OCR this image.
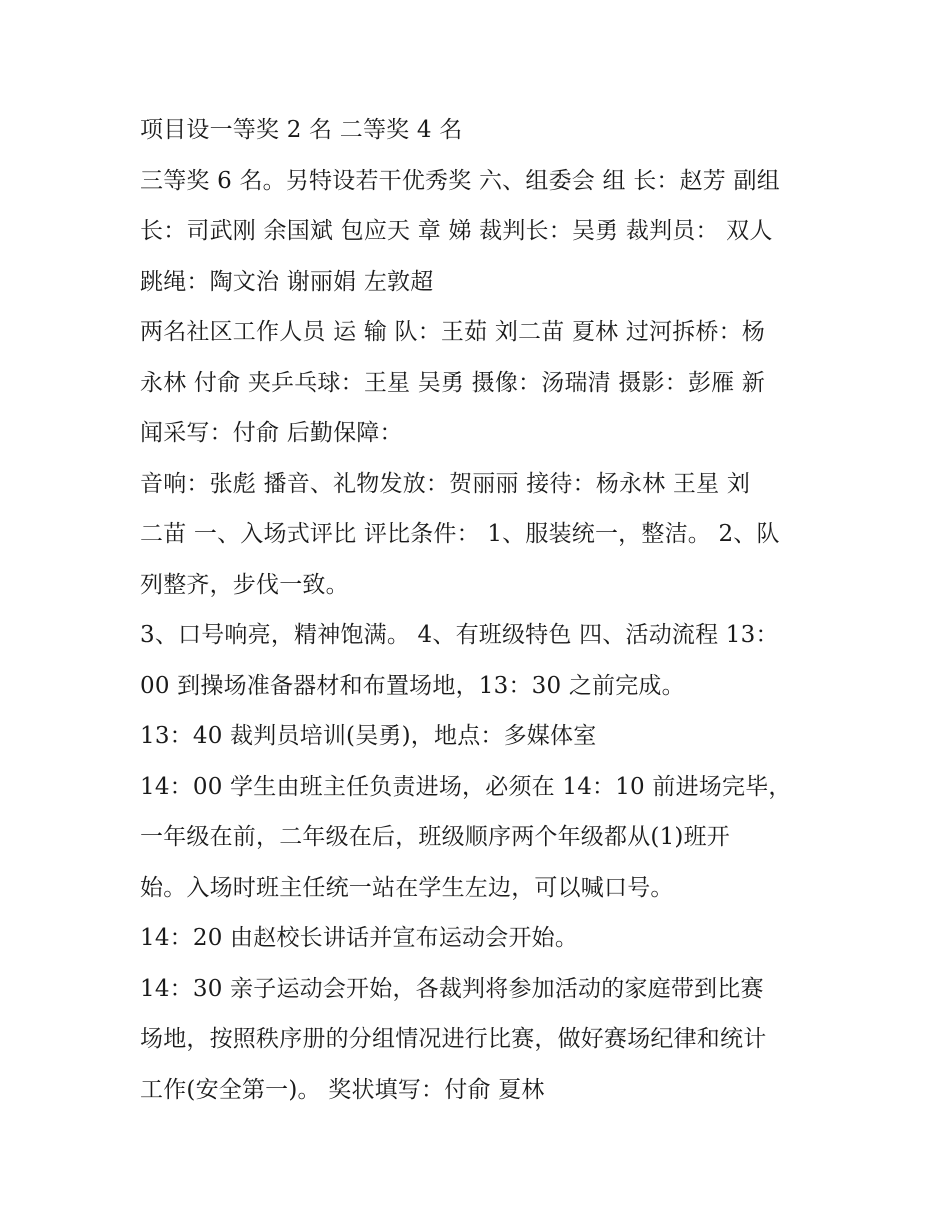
项目设一等奖 2 名 二等奖 4 名
三等奖 6 名。另特设若干优秀奖 六、组委会 组 长：赵芳 副组
长：司武刚 余国斌 包应天 章 娣 裁判长：吴勇 裁判员： 双人
跳绳：陶文治 谢丽娟 左敦超
两名社区工作人员 运 输 队：王茹 刘二苗 夏林 过河拆桥：杨
永林 付俞 夹乒乓球：王星 吴勇 摄像：汤瑞清 摄影：彭雁 新
闻采写：付俞 后勤保障：
音响：张彪 播音、礼物发放：贺丽丽 接待：杨永林 王星 刘
二苗 一、入场式评比 评比条件： 1、服装统一，整洁。 2、队
列整齐，步伐一致。
3、口号响亮，精神饱满。 4、有班级特色 四、活动流程 13：
00 到操场准备器材和布置场地，13：30 之前完成。
13：40 裁判员培训(吴勇)，地点：多媒体室
14：00 学生由班主任负责进场，必须在 14：10 前进场完毕，
一年级在前，二年级在后，班级顺序两个年级都从(1)班开
始。入场时班主任统一站在学生左边，可以喊口号。
14：20 由赵校长讲话并宣布运动会开始。
14：30 亲子运动会开始，各裁判将参加活动的家庭带到比赛
场地，按照秩序册的分组情况进行比赛，做好赛场纪律和统计
工作(安全第一)。 奖状填写：付俞 夏林
